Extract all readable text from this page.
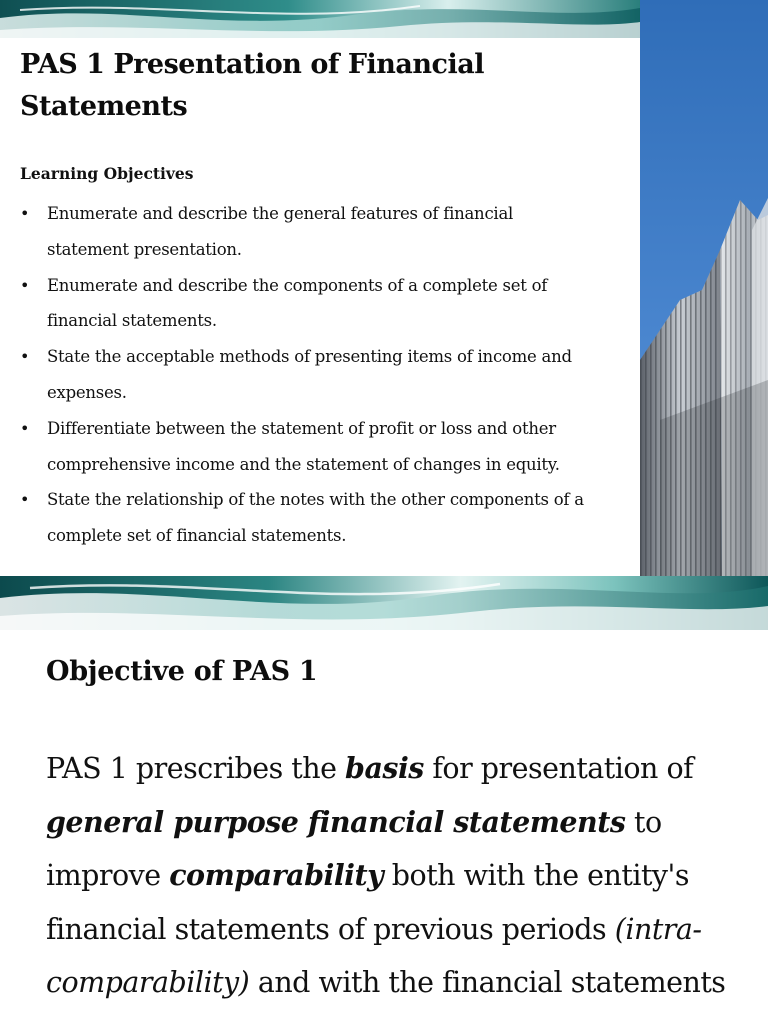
PAS 1 Presentation of Financial Statements
Learning Objectives
• Enumerate and describe the general features of financial
statement presentation.
• Enumerate and describe the components of a complete set of
financial statements.
• State the acceptable methods of presenting items of income and
expenses.
• Differentiate between the statement of profit or loss and other
comprehensive income and the statement of changes in equity.
• State the relationship of the notes with the other components of a
complete set of financial statements.
Objective of PAS 1

PAS 1 prescribes the basis for presentation of
general purpose financial statements to
improve comparability both with the entity's
financial statements of previous periods (intra-
comparability) and with the financial statements
